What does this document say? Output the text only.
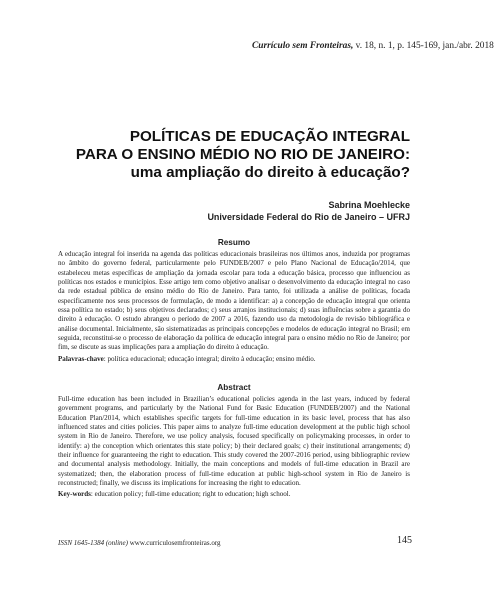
Currículo sem Fronteiras, v. 18, n. 1, p. 145-169, jan./abr. 2018
POLÍTICAS DE EDUCAÇÃO INTEGRAL
PARA O ENSINO MÉDIO NO RIO DE JANEIRO:
uma ampliação do direito à educação?
Sabrina Moehlecke
Universidade Federal do Rio de Janeiro – UFRJ
Resumo

A educação integral foi inserida na agenda das políticas educacionais brasileiras nos últimos anos, induzida por programas no âmbito do governo federal, particularmente pelo FUNDEB/2007 e pelo Plano Nacional de Educação/2014, que estabeleceu metas específicas de ampliação da jornada escolar para toda a educação básica, processo que influenciou as políticas nos estados e municípios. Esse artigo tem como objetivo analisar o desenvolvimento da educação integral no caso da rede estadual pública de ensino médio do Rio de Janeiro. Para tanto, foi utilizada a análise de políticas, focada especificamente nos seus processos de formulação, de modo a identificar: a) a concepção de educação integral que orienta essa política no estado; b) seus objetivos declarados; c) seus arranjos institucionais; d) suas influências sobre a garantia do direito à educação. O estudo abrangeu o período de 2007 a 2016, fazendo uso da metodologia de revisão bibliográfica e análise documental. Inicialmente, são sistematizadas as principais concepções e modelos de educação integral no Brasil; em seguida, reconstitui-se o processo de elaboração da política de educação integral para o ensino médio no Rio de Janeiro; por fim, se discute as suas implicações para a ampliação do direito à educação.

Palavras-chave: política educacional; educação integral; direito à educação; ensino médio.

Abstract

Full-time education has been included in Brazilian’s educational policies agenda in the last years, induced by federal government programs, and particularly by the National Fund for Basic Education (FUNDEB/2007) and the National Education Plan/2014, which establishes specific targets for full-time education in its basic level, process that has also influenced states and cities policies. This paper aims to analyze full-time education development at the public high school system in Rio de Janeiro. Therefore, we use policy analysis, focused specifically on policymaking processes, in order to identify: a) the conception which orientates this state policy; b) their declared goals; c) their institutional arrangements; d) their influence for guaranteeing the right to education. This study covered the 2007-2016 period, using bibliographic review and documental analysis methodology. Initially, the main conceptions and models of full-time education in Brazil are systematized; then, the elaboration process of full-time education at public high-school system in Rio de Janeiro is reconstructed; finally, we discuss its implications for increasing the right to education.

Key-words: education policy; full-time education; right to education; high school.

ISSN 1645-1384 (online) www.curriculosemfronteiras.org	145
